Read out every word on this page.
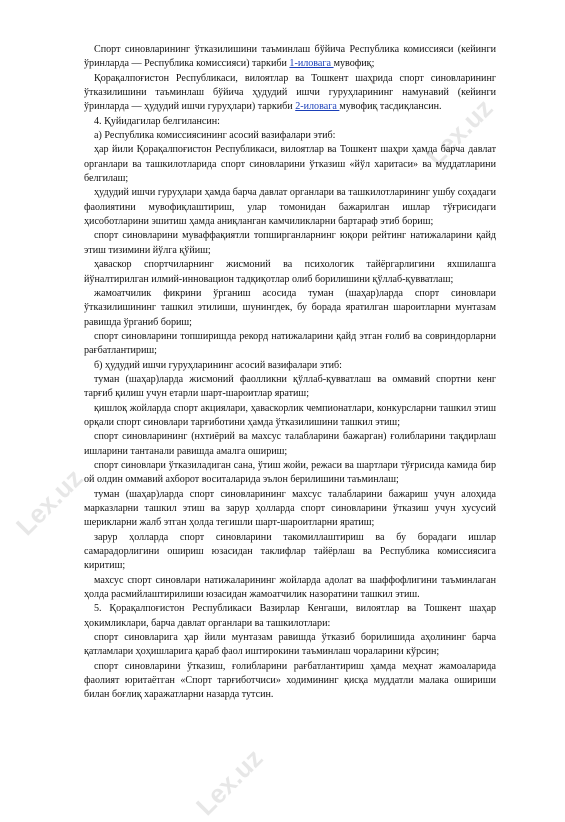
Lex.uz
Lex.uz
Lex.uz

Спорт синовларининг ўтказилишини таъминлаш бўйича Республика комиссияси (кейинги ўринларда — Республика комиссияси) таркиби 1-иловага мувофиқ;

Қорақалпоғистон Республикаси, вилоятлар ва Тошкент шаҳрида спорт синовларининг ўтказилишини таъминлаш бўйича ҳудудий ишчи гуруҳларининг намунавий (кейинги ўринларда — ҳудудий ишчи гуруҳлари) таркиби 2-иловага мувофиқ тасдиқлансин.

4. Қуйидагилар белгилансин:

а) Республика комиссиясининг асосий вазифалари этиб:

ҳар йили Қорақалпоғистон Республикаси, вилоятлар ва Тошкент шаҳри ҳамда барча давлат органлари ва ташкилотларида спорт синовларини ўтказиш «йўл харитаси» ва муддатларини белгилаш;

ҳудудий ишчи гуруҳлари ҳамда барча давлат органлари ва ташкилотларининг ушбу соҳадаги фаолиятини мувофиқлаштириш, улар томонидан бажарилган ишлар тўғрисидаги ҳисоботларини эшитиш ҳамда аниқланган камчиликларни бартараф этиб бориш;

спорт синовларини муваффақиятли топширганларнинг юқори рейтинг натижаларини қайд этиш тизимини йўлга қўйиш;

ҳаваскор спортчиларнинг жисмоний ва психологик тайёргарлигини яхшилашга йўналтирилган илмий-инновацион тадқиқотлар олиб борилишини қўллаб-қувватлаш;

жамоатчилик фикрини ўрганиш асосида туман (шаҳар)ларда спорт синовлари ўтказилишининг ташкил этилиши, шунингдек, бу борада яратилган шароитларни мунтазам равишда ўрганиб бориш;

спорт синовларини топширишда рекорд натижаларини қайд этган ғолиб ва совриндорларни рағбатлантириш;

б) ҳудудий ишчи гуруҳларининг асосий вазифалари этиб:

туман (шаҳар)ларда жисмоний фаолликни қўллаб-қувватлаш ва оммавий спортни кенг тарғиб қилиш учун етарли шарт-шароитлар яратиш;

қишлоқ жойларда спорт акциялари, ҳаваскорлик чемпионатлари, конкурсларни ташкил этиш орқали спорт синовлари тарғиботини ҳамда ўтказилишини ташкил этиш;

спорт синовларининг (нхтиёрий ва махсус талабларини бажарган) ғолибларини тақдирлаш ишларини тантанали равишда амалга ошириш;

спорт синовлари ўтказиладиган сана, ўтиш жойи, режаси ва шартлари тўғрисида камида бир ой олдин оммавий ахборот воситаларида эълон берилишини таъминлаш;

туман (шаҳар)ларда спорт синовларининг махсус талабларини бажариш учун алоҳида марказларни ташкил этиш ва зарур ҳолларда спорт синовларини ўтказиш учун хусусий шерикларни жалб этган ҳолда тегишли шарт-шароитларни яратиш;

зарур ҳолларда спорт синовларини такомиллаштириш ва бу борадаги ишлар самарадорлигини ошириш юзасидан таклифлар тайёрлаш ва Республика комиссиясига киритиш;

махсус спорт синовлари натижаларининг жойларда адолат ва шаффофлигини таъминлаган ҳолда расмийлаштирилиши юзасидан жамоатчилик назоратини ташкил этиш.

5. Қорақалпоғистон Республикаси Вазирлар Кенгаши, вилоятлар ва Тошкент шаҳар ҳокимликлари, барча давлат органлари ва ташкилотлари:

спорт синовларига ҳар йили мунтазам равишда ўтказиб борилишида аҳолининг барча қатламлари ҳоҳишларига қараб фаол иштирокини таъминлаш чораларини кўрсин;

спорт синовларини ўтказиш, ғолибларини рағбатлантириш ҳамда меҳнат жамоаларида фаолият юритаётган «Спорт тарғиботчиси» ходимининг қисқа муддатли малака ошириши билан боғлиқ харажатларни назарда тутсин.
